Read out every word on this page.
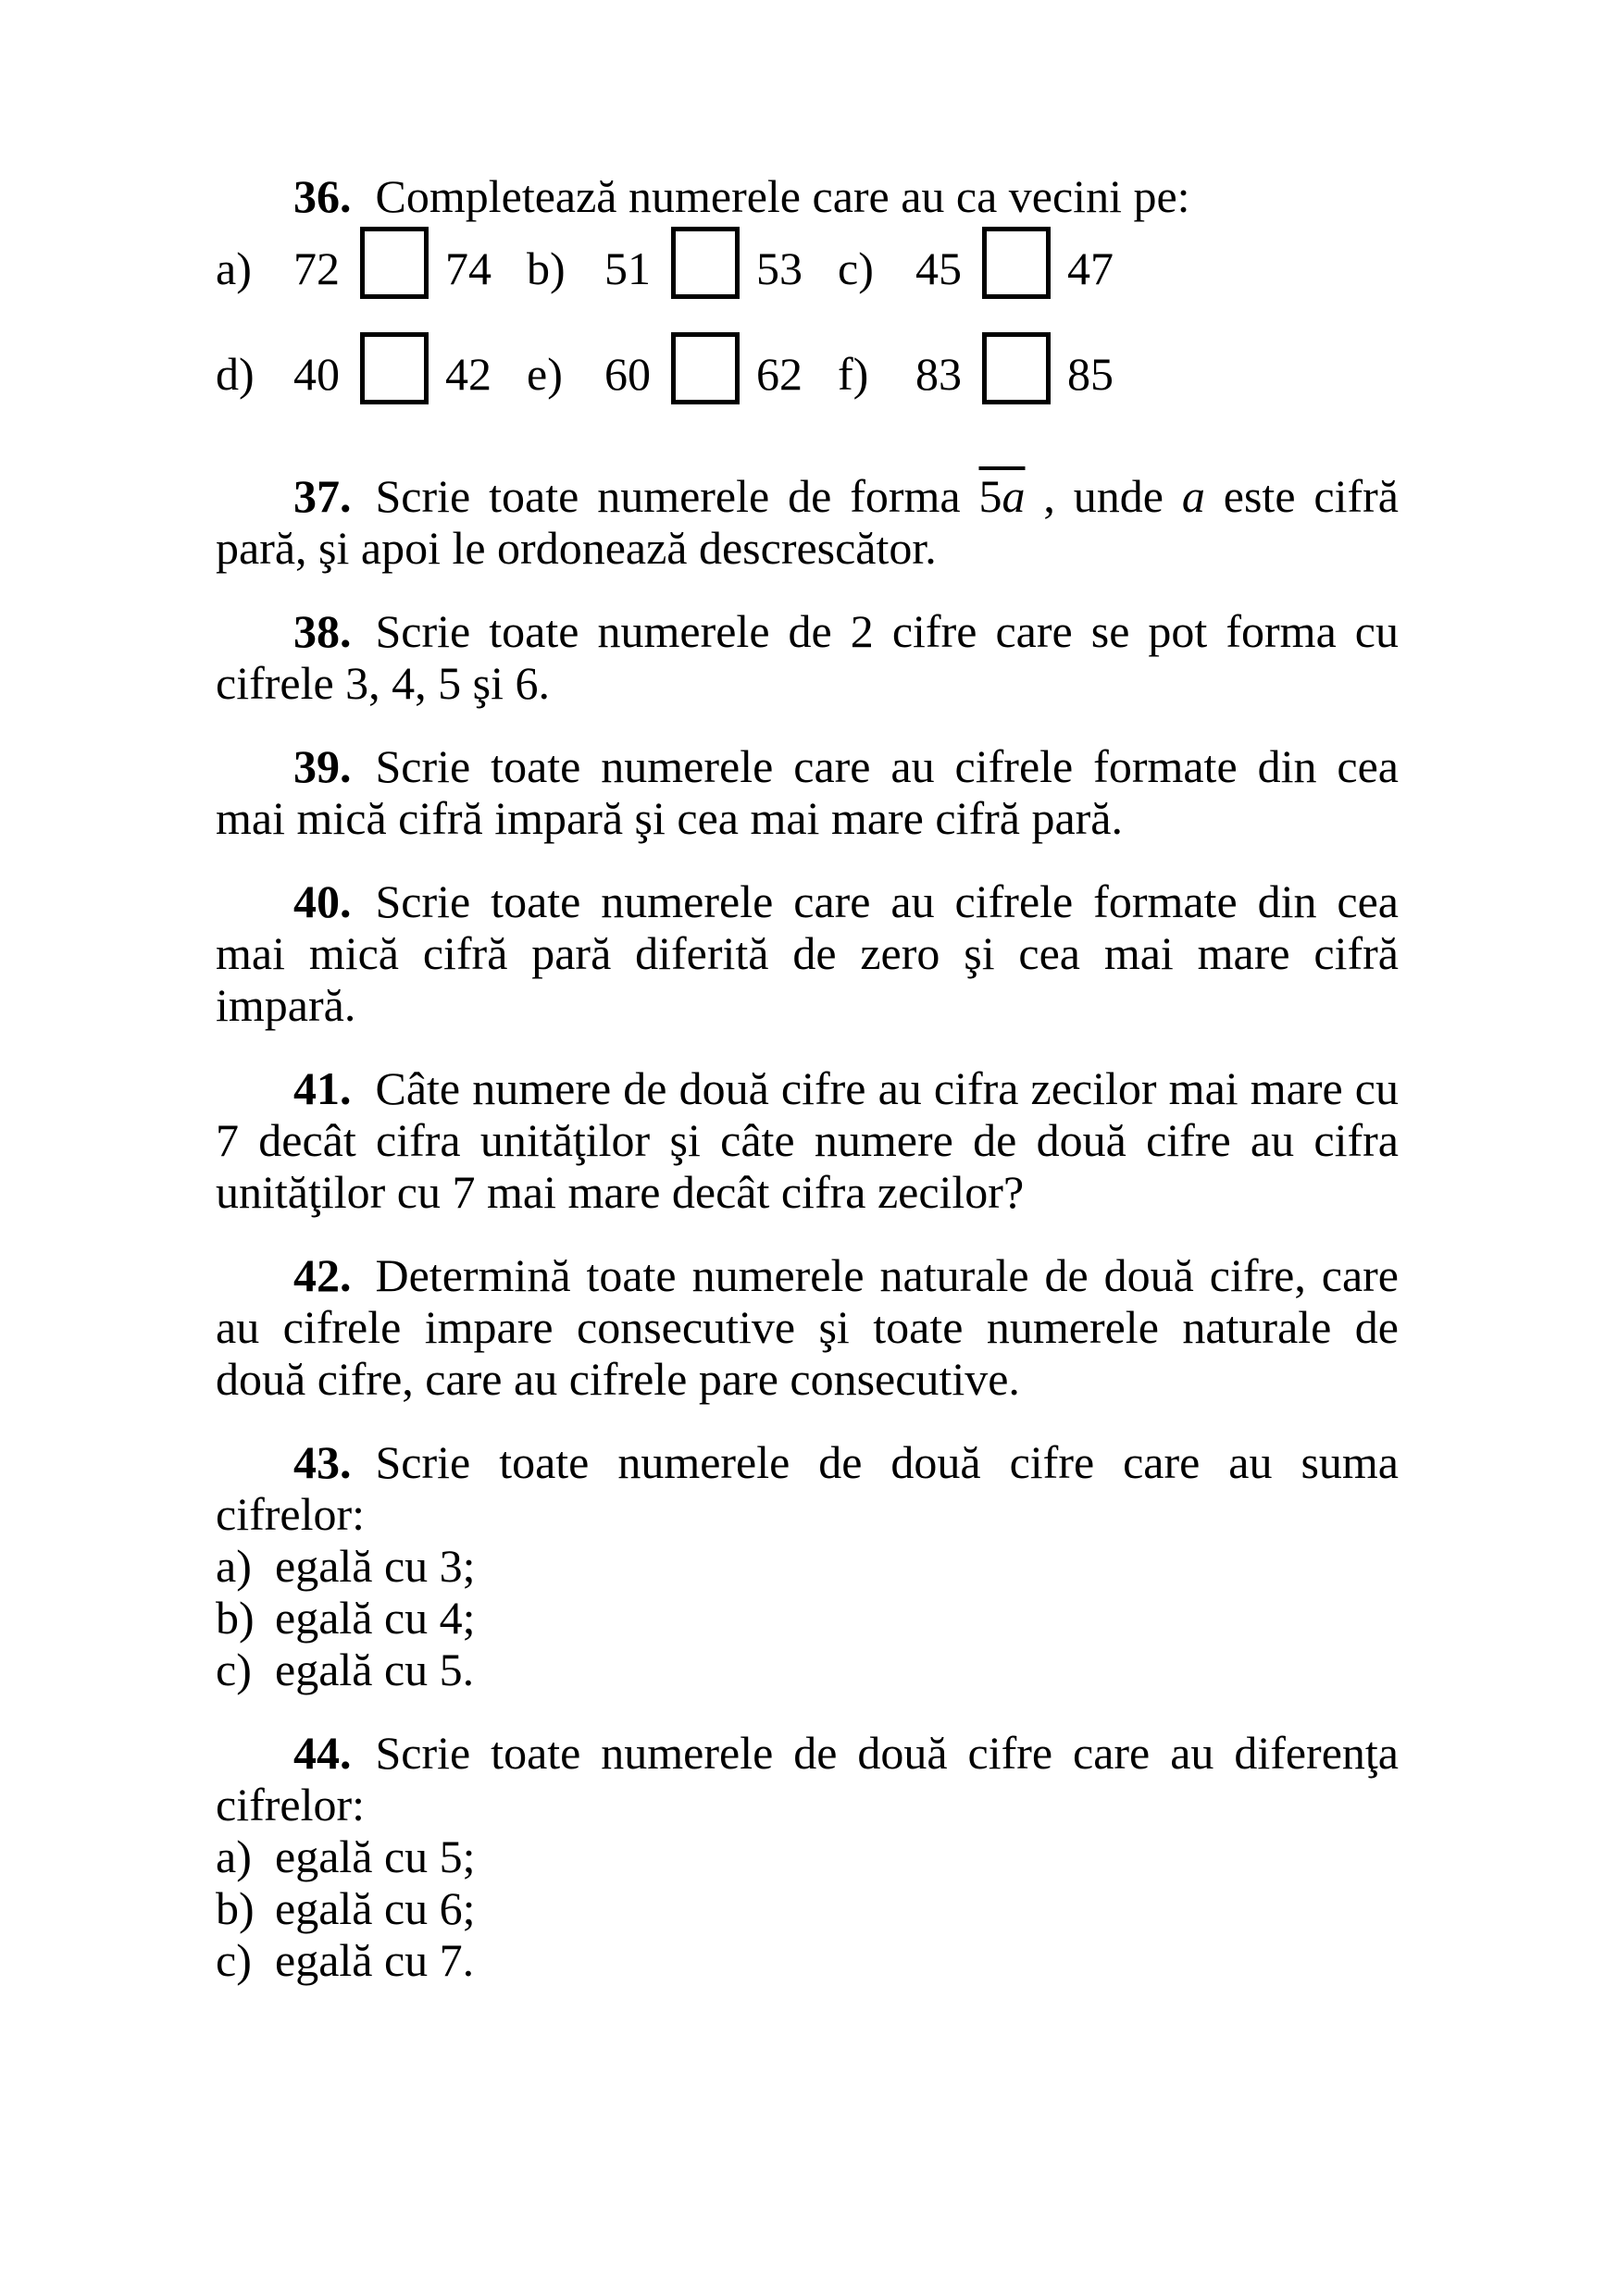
36. Completează numerele care au ca vecini pe:
a) 72 74 b) 51 53 c) 45 47
d) 40 42 e) 60 62 f)	83 85
37. Scrie toate numerele de forma $5\overline{a}$ , unde a este cifră
pară, şi apoi le ordonează descrescător.
38. Scrie toate numerele de 2 cifre care se pot forma cu
cifrele 3, 4, 5 şi 6.
39. Scrie toate numerele care au cifrele formate din cea
mai mică cifră impară şi cea mai mare cifră pară.
40. Scrie toate numerele care au cifrele formate din cea
mai mică cifră pară diferită de zero şi cea mai mare cifră
impară.
41. Câte numere de două cifre au cifra zecilor mai mare cu
7 decât cifra unităţilor şi câte numere de două cifre au cifra
unităţilor cu 7 mai mare decât cifra zecilor?
42. Determină toate numerele naturale de două cifre, care
au cifrele impare consecutive şi toate numerele naturale de
două cifre, care au cifrele pare consecutive.
43. Scrie toate numerele de două cifre care au suma
cifrelor:
a) egală cu 3;
b) egală cu 4;
c) egală cu 5.
44. Scrie toate numerele de două cifre care au diferenţa
cifrelor:
a) egală cu 5;
b) egală cu 6;
c) egală cu 7.
